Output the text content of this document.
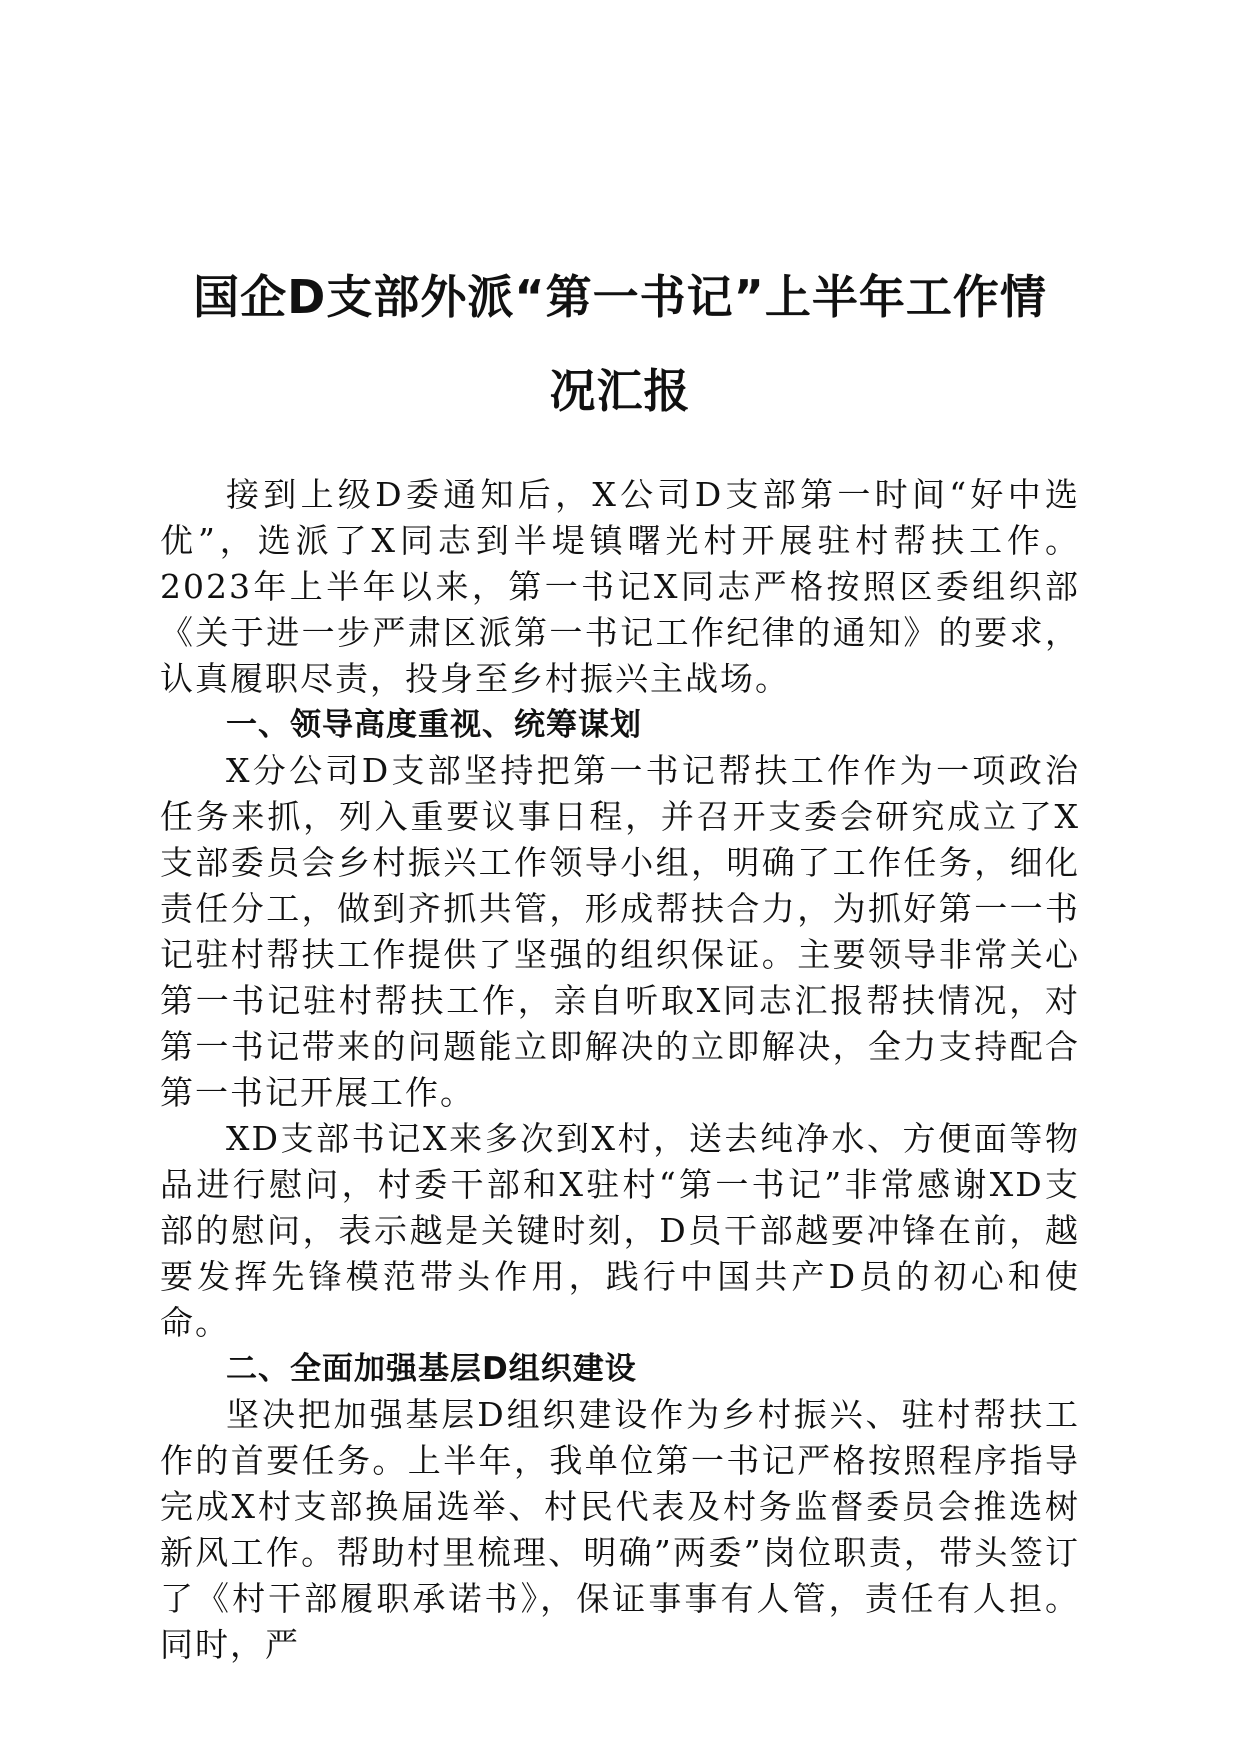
国企D支部外派“第一书记”上半年工作情
况汇报

接到上级D委通知后，X公司D支部第一时间“好中选优”，选派了X同志到半堤镇曙光村开展驻村帮扶工作。2023年上半年以来，第一书记X同志严格按照区委组织部《关于进一步严肃区派第一书记工作纪律的通知》的要求，认真履职尽责，投身至乡村振兴主战场。

一、领导高度重视、统筹谋划

X分公司D支部坚持把第一书记帮扶工作作为一项政治任务来抓，列入重要议事日程，并召开支委会研究成立了X支部委员会乡村振兴工作领导小组，明确了工作任务，细化责任分工，做到齐抓共管，形成帮扶合力，为抓好第一一书记驻村帮扶工作提供了坚强的组织保证。主要领导非常关心第一书记驻村帮扶工作，亲自听取X同志汇报帮扶情况，对第一书记带来的问题能立即解决的立即解决，全力支持配合第一书记开展工作。

XD支部书记X来多次到X村，送去纯净水、方便面等物品进行慰问，村委干部和X驻村“第一书记”非常感谢XD支部的慰问，表示越是关键时刻，D员干部越要冲锋在前，越要发挥先锋模范带头作用，践行中国共产D员的初心和使命。

二、全面加强基层D组织建设

坚决把加强基层D组织建设作为乡村振兴、驻村帮扶工作的首要任务。上半年，我单位第一书记严格按照程序指导完成X村支部换届选举、村民代表及村务监督委员会推选树新风工作。帮助村里梳理、明确”两委”岗位职责，带头签订了《村干部履职承诺书》，保证事事有人管，责任有人担。同时，严
